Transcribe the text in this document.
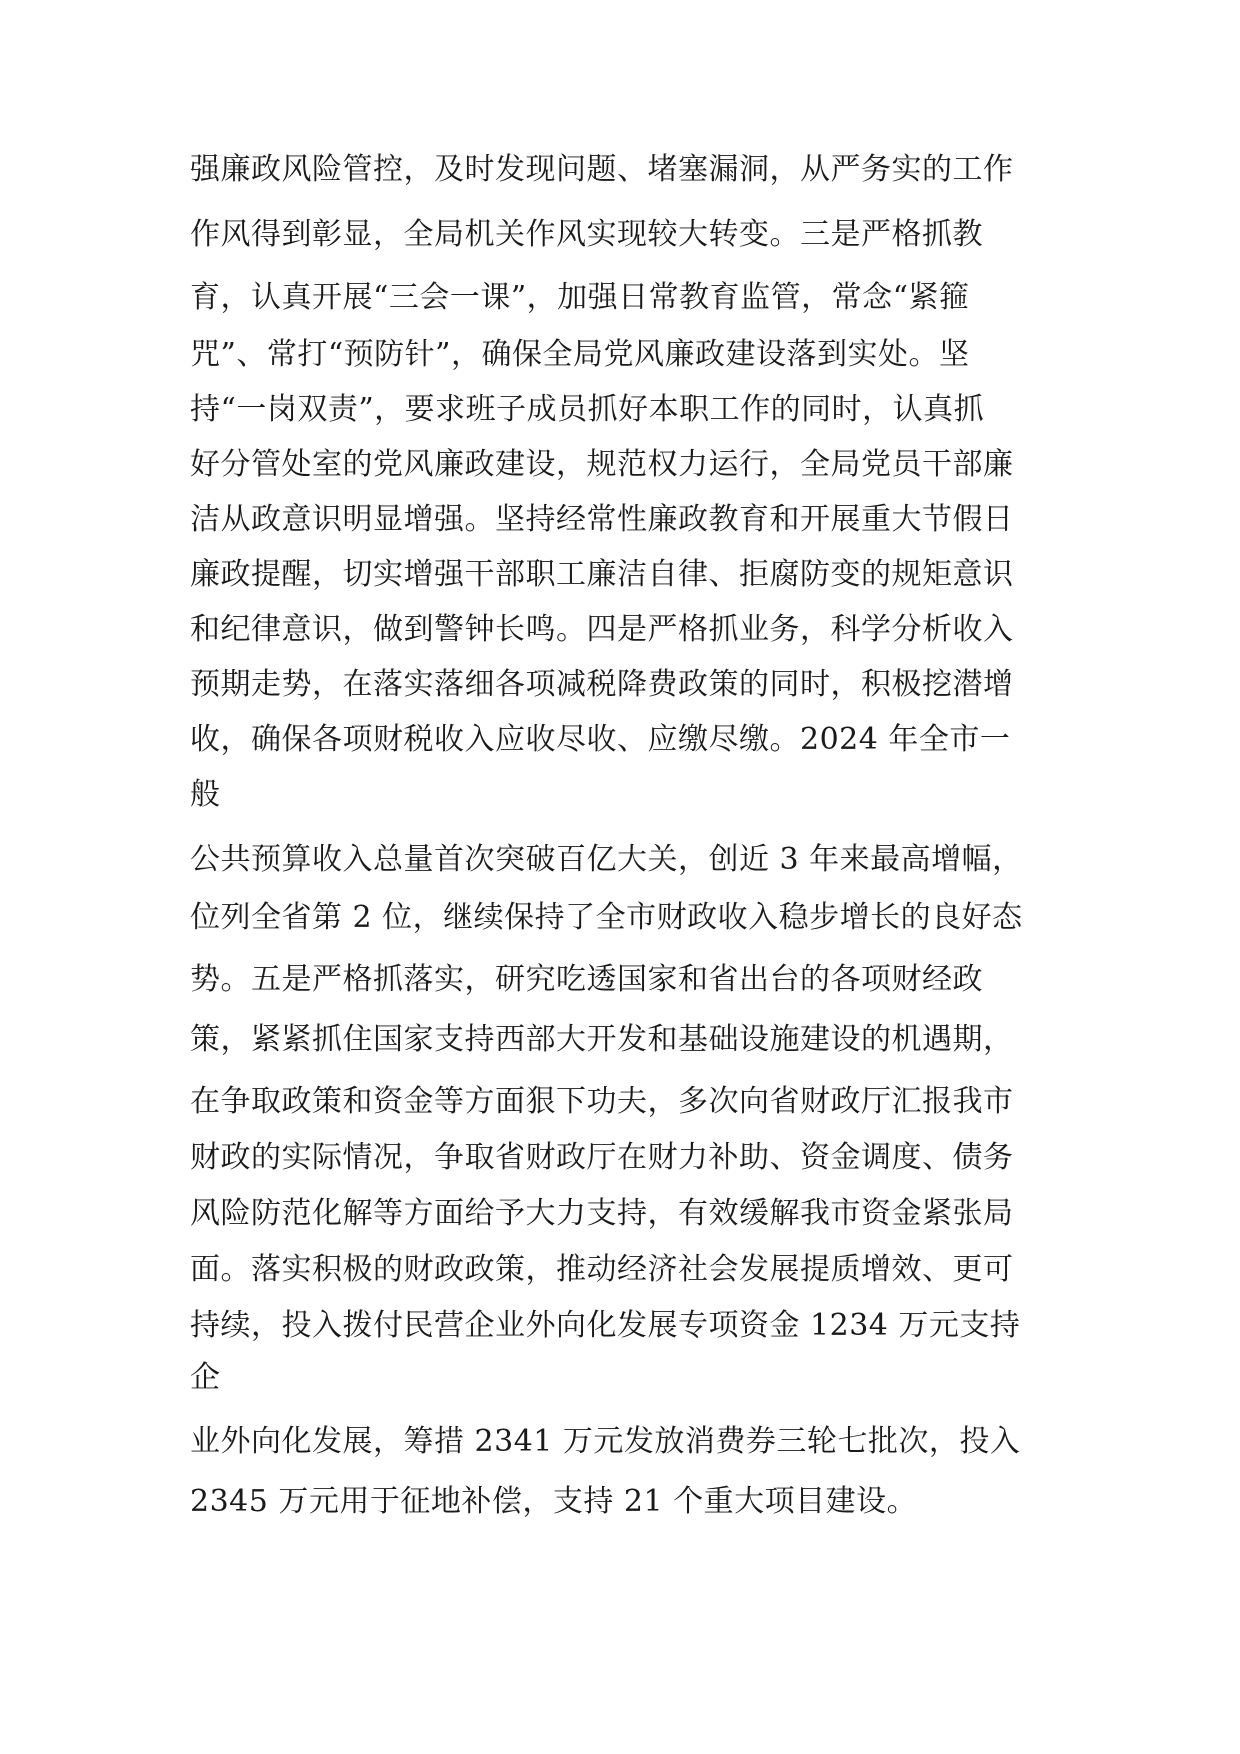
强廉政风险管控，及时发现问题、堵塞漏洞，从严务实的工作
作风得到彰显，全局机关作风实现较大转变。三是严格抓教
育，认真开展“三会一课”，加强日常教育监管，常念“紧箍
咒”、常打“预防针”，确保全局党风廉政建设落到实处。坚
持“一岗双责”，要求班子成员抓好本职工作的同时，认真抓
好分管处室的党风廉政建设，规范权力运行，全局党员干部廉
洁从政意识明显增强。坚持经常性廉政教育和开展重大节假日
廉政提醒，切实增强干部职工廉洁自律、拒腐防变的规矩意识
和纪律意识，做到警钟长鸣。四是严格抓业务，科学分析收入
预期走势，在落实落细各项减税降费政策的同时，积极挖潜增
收，确保各项财税收入应收尽收、应缴尽缴。2024 年全市一
般
公共预算收入总量首次突破百亿大关，创近 3 年来最高增幅，
位列全省第 2 位，继续保持了全市财政收入稳步增长的良好态
势。五是严格抓落实，研究吃透国家和省出台的各项财经政
策，紧紧抓住国家支持西部大开发和基础设施建设的机遇期，
在争取政策和资金等方面狠下功夫，多次向省财政厅汇报我市
财政的实际情况，争取省财政厅在财力补助、资金调度、债务
风险防范化解等方面给予大力支持，有效缓解我市资金紧张局
面。落实积极的财政政策，推动经济社会发展提质增效、更可
持续，投入拨付民营企业外向化发展专项资金 1234 万元支持
企
业外向化发展，筹措 2341 万元发放消费券三轮七批次，投入
2345 万元用于征地补偿，支持 21 个重大项目建设。
